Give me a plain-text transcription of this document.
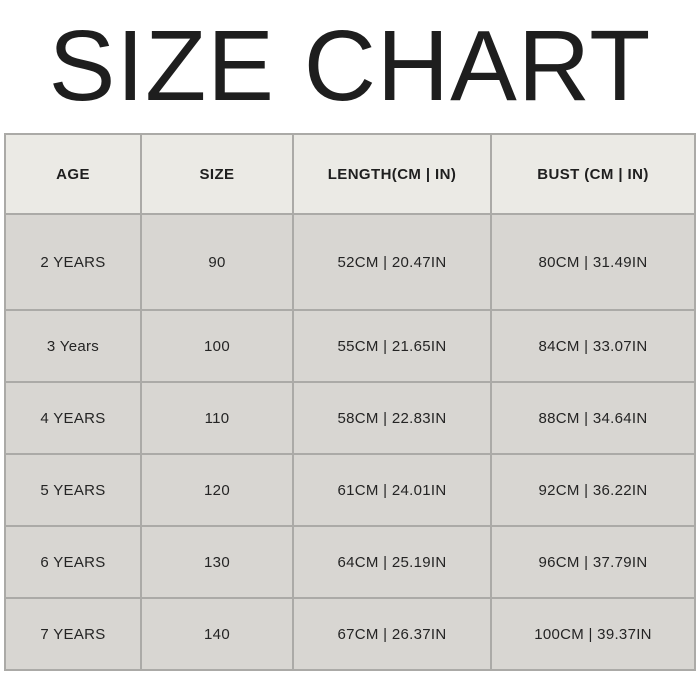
SIZE CHART
AGE	SIZE	LENGTH(CM | IN)	BUST (CM | IN)
2 YEARS	90	52CM | 20.47IN	80CM | 31.49IN
3 Years	100	55CM | 21.65IN	84CM | 33.07IN
4 YEARS	110	58CM | 22.83IN	88CM | 34.64IN
5 YEARS	120	61CM | 24.01IN	92CM | 36.22IN
6 YEARS	130	64CM | 25.19IN	96CM | 37.79IN
7 YEARS	140	67CM | 26.37IN	100CM | 39.37IN
